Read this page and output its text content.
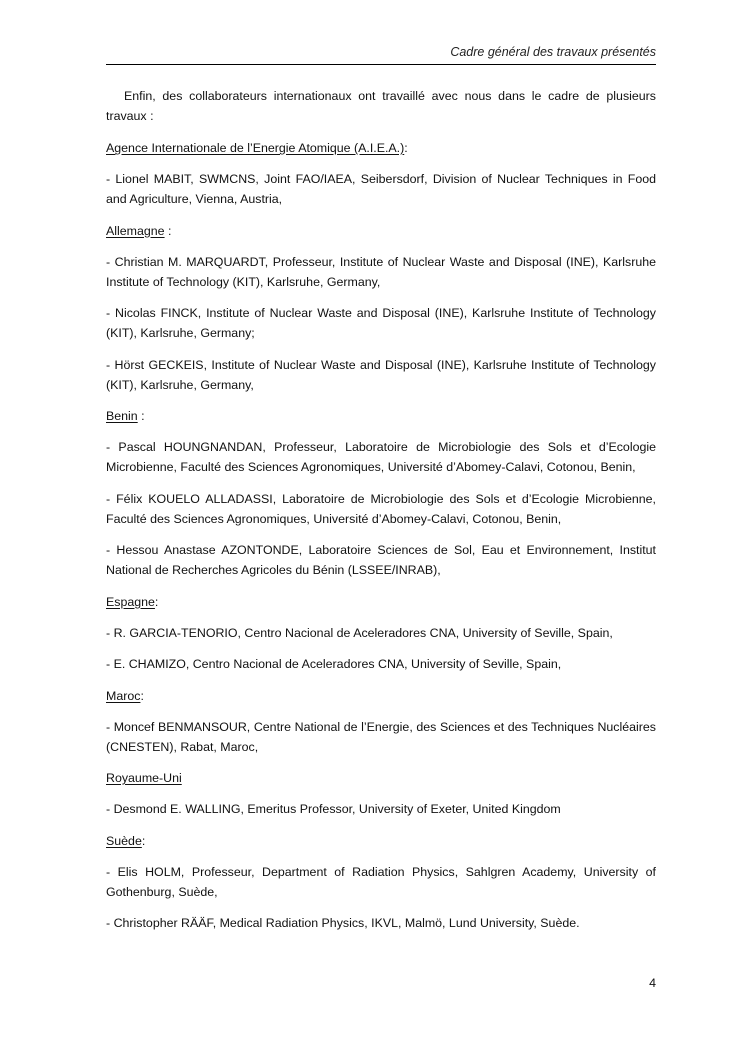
Cadre général des travaux présentés

Enfin, des collaborateurs internationaux ont travaillé avec nous dans le cadre de plusieurs travaux :

Agence Internationale de l’Energie Atomique (A.I.E.A.):

- Lionel MABIT, SWMCNS, Joint FAO/IAEA, Seibersdorf, Division of Nuclear Techniques in Food and Agriculture, Vienna, Austria,

Allemagne :

- Christian M. MARQUARDT, Professeur, Institute of Nuclear Waste and Disposal (INE), Karlsruhe Institute of Technology (KIT), Karlsruhe, Germany,

- Nicolas FINCK, Institute of Nuclear Waste and Disposal (INE), Karlsruhe Institute of Technology (KIT), Karlsruhe, Germany;

- Hörst GECKEIS, Institute of Nuclear Waste and Disposal (INE), Karlsruhe Institute of Technology (KIT), Karlsruhe, Germany,

Benin :

- Pascal HOUNGNANDAN, Professeur, Laboratoire de Microbiologie des Sols et d’Ecologie Microbienne, Faculté des Sciences Agronomiques, Université d’Abomey-Calavi, Cotonou, Benin,

- Félix KOUELO ALLADASSI, Laboratoire de Microbiologie des Sols et d’Ecologie Microbienne, Faculté des Sciences Agronomiques, Université d’Abomey-Calavi, Cotonou, Benin,

- Hessou Anastase AZONTONDE, Laboratoire Sciences de Sol, Eau et Environnement, Institut National de Recherches Agricoles du Bénin (LSSEE/INRAB),

Espagne:

- R. GARCIA-TENORIO, Centro Nacional de Aceleradores CNA, University of Seville, Spain,

- E. CHAMIZO, Centro Nacional de Aceleradores CNA, University of Seville, Spain,

Maroc:

- Moncef BENMANSOUR, Centre National de l’Energie, des Sciences et des Techniques Nucléaires (CNESTEN), Rabat, Maroc,

Royaume-Uni

- Desmond E. WALLING, Emeritus Professor, University of Exeter, United Kingdom

Suède:

- Elis HOLM, Professeur, Department of Radiation Physics, Sahlgren Academy, University of Gothenburg, Suède,

- Christopher RÄÄF, Medical Radiation Physics, IKVL, Malmö, Lund University, Suède.

4
